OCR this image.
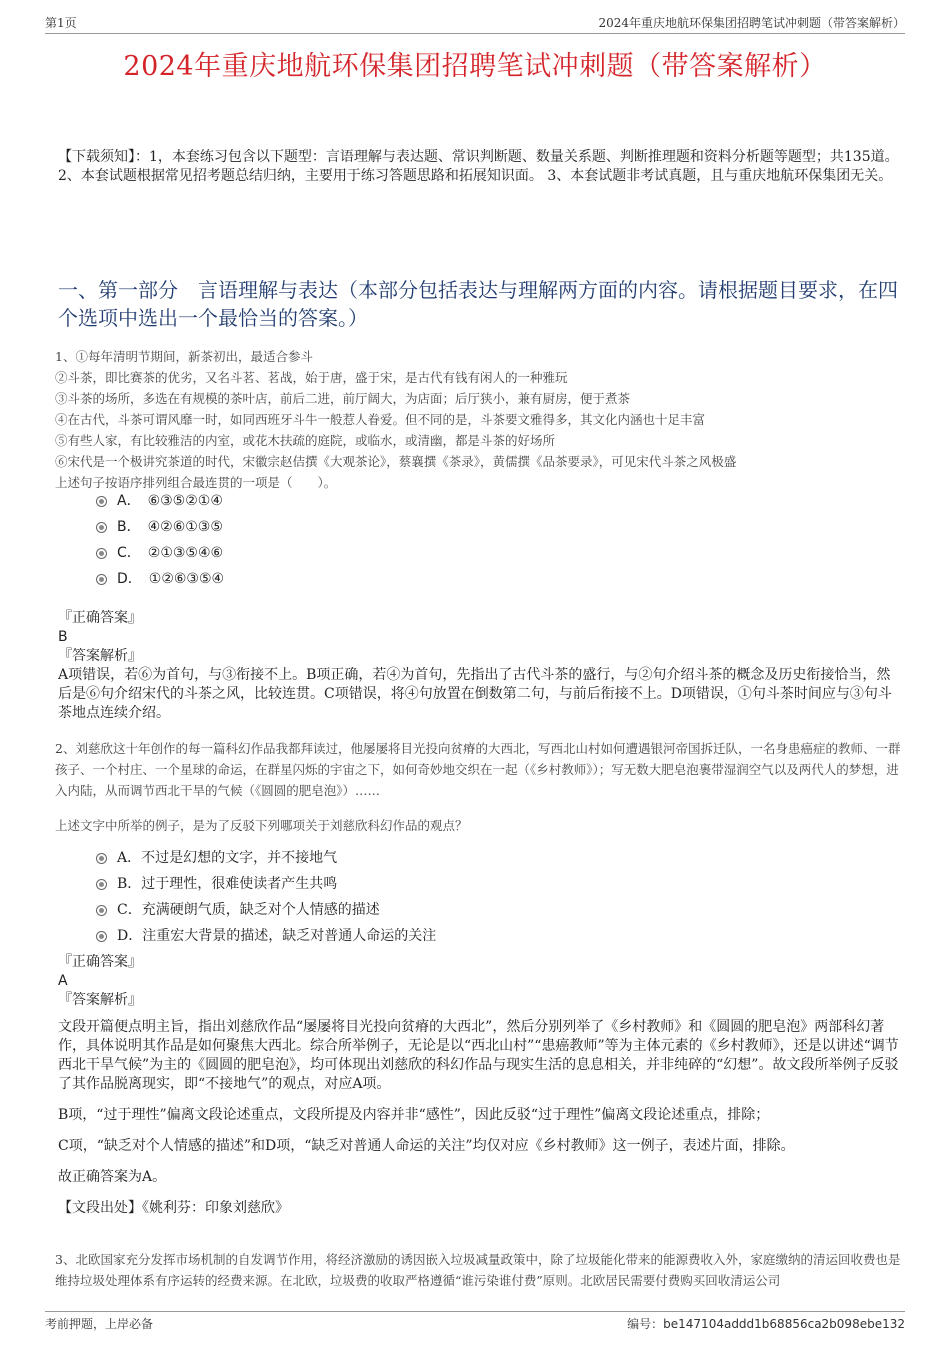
第1页	2024年重庆地航环保集团招聘笔试冲刺题（带答案解析）
2024年重庆地航环保集团招聘笔试冲刺题（带答案解析）

【下载须知】：1，本套练习包含以下题型：言语理解与表达题、常识判断题、数量关系题、判断推理题和资料分析题等题型；共135道。 2、本套试题根据常见招考题总结归纳，主要用于练习答题思路和拓展知识面。 3、本套试题非考试真题，且与重庆地航环保集团无关。

一、第一部分　言语理解与表达（本部分包括表达与理解两方面的内容。请根据题目要求，在四个选项中选出一个最恰当的答案。）

1、①每年清明节期间，新茶初出，最适合参斗
②斗茶，即比赛茶的优劣，又名斗茗、茗战，始于唐，盛于宋，是古代有钱有闲人的一种雅玩
③斗茶的场所，多选在有规模的茶叶店，前后二进，前厅阔大，为店面；后厅狭小，兼有厨房，便于煮茶
④在古代，斗茶可谓风靡一时，如同西班牙斗牛一般惹人眷爱。但不同的是，斗茶要文雅得多，其文化内涵也十足丰富
⑤有些人家，有比较雅洁的内室，或花木扶疏的庭院，或临水，或清幽，都是斗茶的好场所
⑥宋代是一个极讲究茶道的时代，宋徽宗赵佶撰《大观茶论》，蔡襄撰《茶录》，黄儒撰《品茶要录》，可见宋代斗茶之风极盛
上述句子按语序排列组合最连贯的一项是（　　）。
A．　⑥③⑤②①④
B．　④②⑥①③⑤
C．　②①③⑤④⑥
D．　①②⑥③⑤④
『正确答案』
B
『答案解析』
A项错误，若⑥为首句，与③衔接不上。B项正确，若④为首句，先指出了古代斗茶的盛行，与②句介绍斗茶的概念及历史衔接恰当，然后是⑥句介绍宋代的斗茶之风，比较连贯。C项错误，将④句放置在倒数第二句，与前后衔接不上。D项错误，①句斗茶时间应与③句斗茶地点连续介绍。

2、刘慈欣这十年创作的每一篇科幻作品我都拜读过，他屡屡将目光投向贫瘠的大西北，写西北山村如何遭遇银河帝国拆迁队，一名身患癌症的教师、一群孩子、一个村庄、一个星球的命运，在群星闪烁的宇宙之下，如何奇妙地交织在一起（《乡村教师》）；写无数大肥皂泡裹带湿润空气以及两代人的梦想，进入内陆，从而调节西北干旱的气候（《圆圆的肥皂泡》）……

上述文字中所举的例子，是为了反驳下列哪项关于刘慈欣科幻作品的观点？

A．不过是幻想的文字，并不接地气
B．过于理性，很难使读者产生共鸣
C．充满硬朗气质，缺乏对个人情感的描述
D．注重宏大背景的描述，缺乏对普通人命运的关注
『正确答案』
A
『答案解析』
文段开篇便点明主旨，指出刘慈欣作品“屡屡将目光投向贫瘠的大西北”，然后分别列举了《乡村教师》和《圆圆的肥皂泡》两部科幻著作，具体说明其作品是如何聚焦大西北。综合所举例子，无论是以“西北山村”“患癌教师”等为主体元素的《乡村教师》，还是以讲述“调节西北干旱气候”为主的《圆圆的肥皂泡》，均可体现出刘慈欣的科幻作品与现实生活的息息相关，并非纯碎的“幻想”。故文段所举例子反驳了其作品脱离现实，即“不接地气”的观点，对应A项。
B项，“过于理性”偏离文段论述重点，文段所提及内容并非“感性”，因此反驳“过于理性”偏离文段论述重点，排除；
C项，“缺乏对个人情感的描述”和D项，“缺乏对普通人命运的关注”均仅对应《乡村教师》这一例子，表述片面，排除。
故正确答案为A。
【文段出处】《姚利芬：印象刘慈欣》

3、北欧国家充分发挥市场机制的自发调节作用，将经济激励的诱因嵌入垃圾减量政策中，除了垃圾能化带来的能源费收入外，家庭缴纳的清运回收费也是维持垃圾处理体系有序运转的经费来源。在北欧，垃圾费的收取严格遵循“谁污染谁付费”原则。北欧居民需要付费购买回收清运公司

考前押题，上岸必备	编号：be147104addd1b68856ca2b098ebe132
